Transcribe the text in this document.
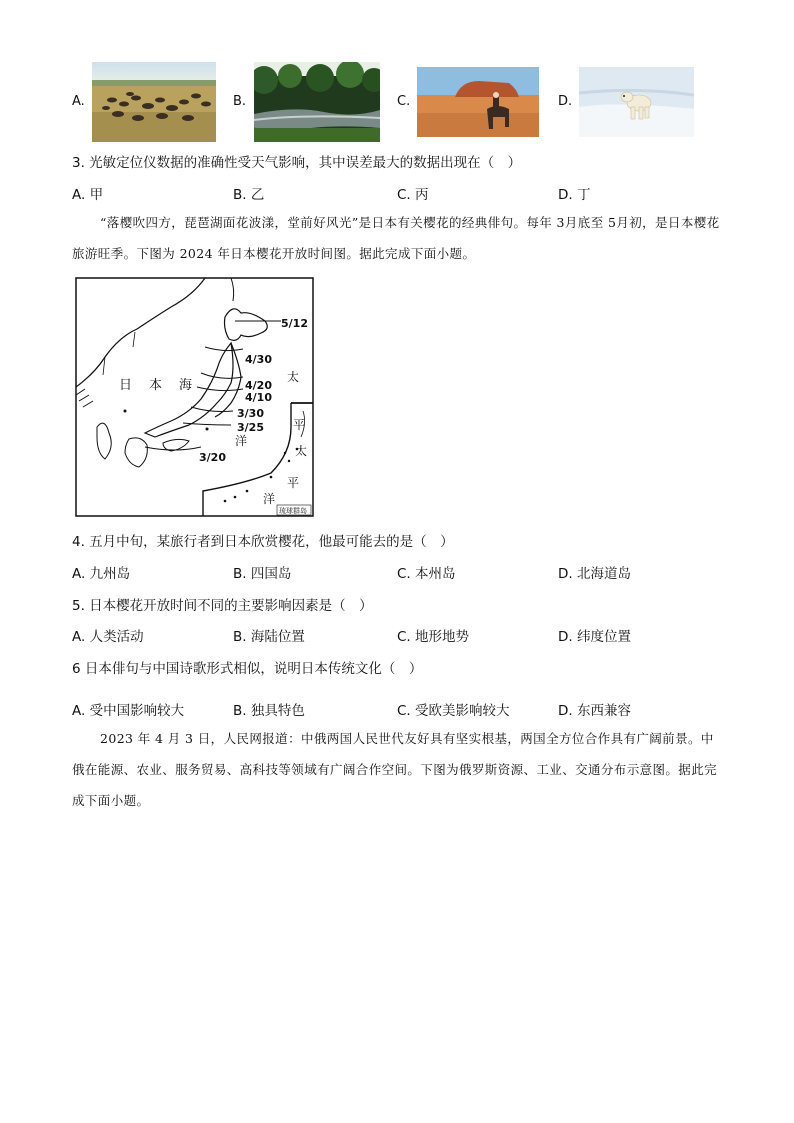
A.	B.	C.	D.
3. 光敏定位仪数据的准确性受天气影响，其中误差最大的数据出现在（　）
A. 甲	B. 乙	C. 丙	D. 丁
“落樱吹四方，琵琶湖面花波漾，堂前好风光”是日本有关樱花的经典俳句。每年 3月底至 5月初，是日本樱花旅游旺季。下图为 2024 年日本樱花开放时间图。据此完成下面小题。
日 本 海
太
平
洋
太
平
洋
5/12
4/30
4/20
4/10
3/30
3/25
3/20
琉球群岛
4. 五月中旬，某旅行者到日本欣赏樱花，他最可能去的是（　）
A. 九州岛	B. 四国岛	C. 本州岛	D. 北海道岛
5. 日本樱花开放时间不同的主要影响因素是（　）
A. 人类活动	B. 海陆位置	C. 地形地势	D. 纬度位置
6 日本俳句与中国诗歌形式相似，说明日本传统文化（　）
A. 受中国影响较大	B. 独具特色	C. 受欧美影响较大	D. 东西兼容
2023 年 4 月 3 日，人民网报道：中俄两国人民世代友好具有坚实根基，两国全方位合作具有广阔前景。中俄在能源、农业、服务贸易、高科技等领域有广阔合作空间。下图为俄罗斯资源、工业、交通分布示意图。据此完成下面小题。
